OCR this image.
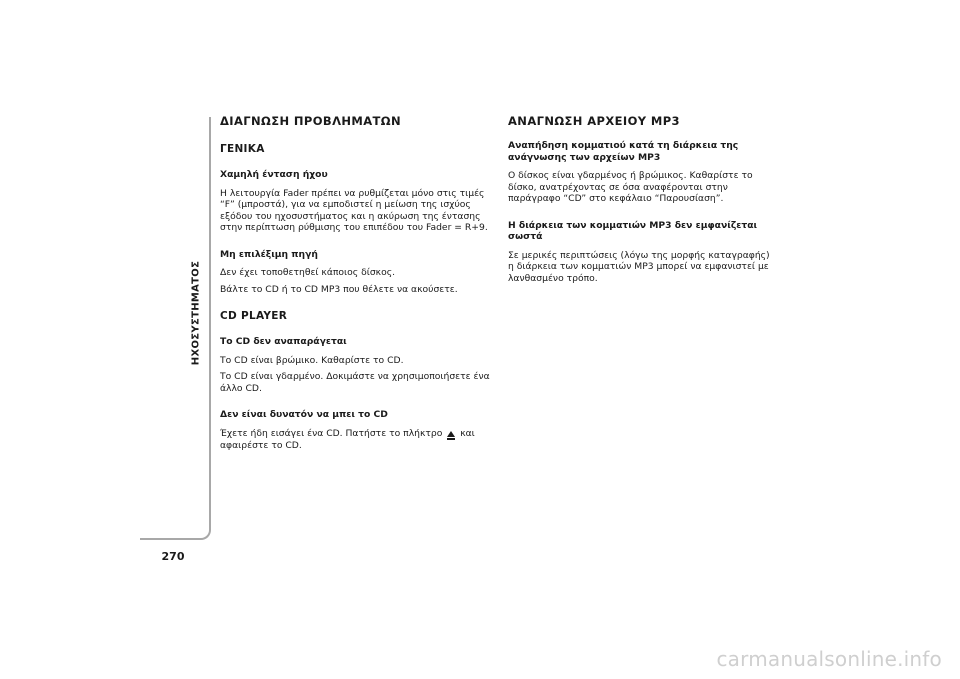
ΗΧΟΣΥΣΤΗΜΑΤΟΣ
270
ΔΙΑΓΝΩΣΗ ΠΡΟΒΛΗΜΑΤΩΝ
ΓΕΝΙΚΑ
Χαμηλή ένταση ήχου

Η λειτουργία Fader πρέπει να ρυθμίζεται μόνο στις τιμές “F” (μπροστά), για να εμποδιστεί η μείωση της ισχύος εξόδου του ηχοσυστήματος και η ακύρωση της έντασης στην περίπτωση ρύθμισης του επιπέδου του Fader = R+9.

Μη επιλέξιμη πηγή

Δεν έχει τοποθετηθεί κάποιος δίσκος.

Βάλτε το CD ή το CD MP3 που θέλετε να ακούσετε.

CD PLAYER
Το CD δεν αναπαράγεται

Το CD είναι βρώμικο. Καθαρίστε το CD.

Το CD είναι γδαρμένο. Δοκιμάστε να χρησιμοποιήσετε ένα άλλο CD.

Δεν είναι δυνατόν να μπει το CD

Έχετε ήδη εισάγει ένα CD. Πατήστε το πλήκτρο και αφαιρέστε το CD.

ΑΝΑΓΝΩΣΗ ΑΡΧΕΙΟΥ MP3
Αναπήδηση κομματιού κατά τη διάρκεια της ανάγνωσης των αρχείων MP3

Ο δίσκος είναι γδαρμένος ή βρώμικος. Καθαρίστε το δίσκο, ανατρέχοντας σε όσα αναφέρονται στην παράγραφο “CD” στο κεφάλαιο “Παρουσίαση”.

Η διάρκεια των κομματιών MP3 δεν εμφανίζεται σωστά

Σε μερικές περιπτώσεις (λόγω της μορφής καταγραφής) η διάρκεια των κομματιών MP3 μπορεί να εμφανιστεί με λανθασμένο τρόπο.

carmanualsonline.info
